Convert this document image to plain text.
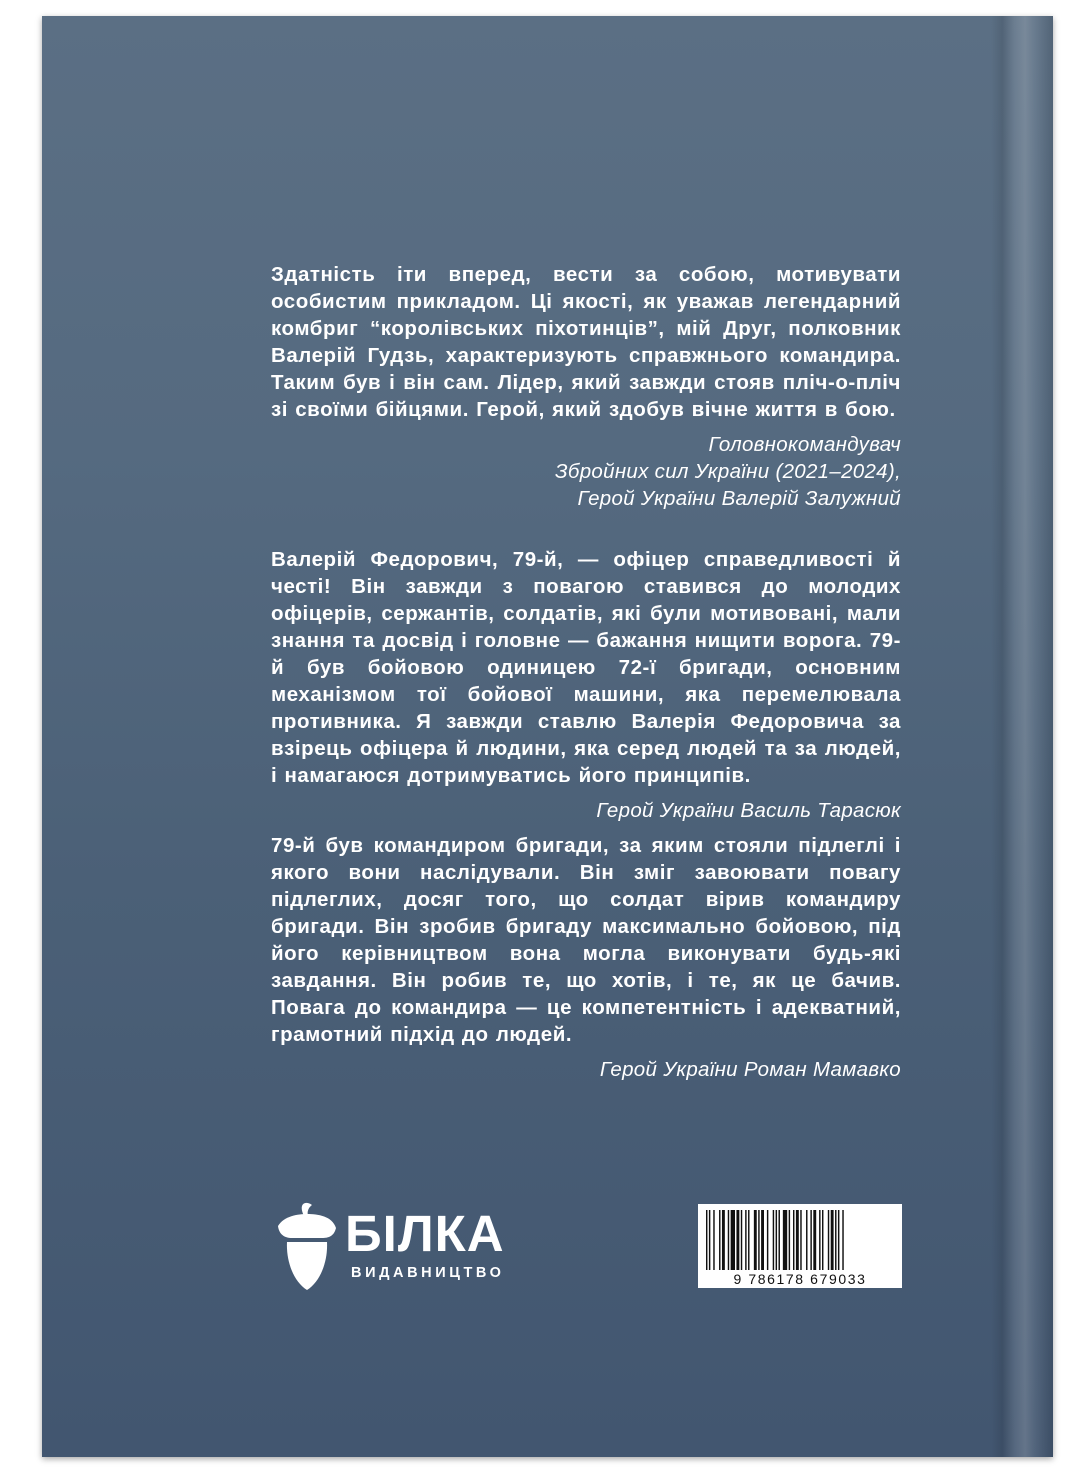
Здатність іти вперед, вести за собою, мотивувати особистим прикладом. Ці якості, як уважав легендарний комбриг “королівських піхотинців”, мій Друг, полковник Валерій Гудзь, характеризують справжнього командира. Таким був і він сам. Лідер, який завжди стояв пліч-о-пліч зі своїми бійцями. Герой, який здобув вічне життя в бою.

Головнокомандувач
Збройних сил України (2021–2024),
Герой України Валерій Залужний

Валерій Федорович, 79-й, — офіцер справедливості й честі! Він завжди з повагою ставився до молодих офіцерів, сержантів, солдатів, які були мотивовані, мали знання та досвід і головне — бажання нищити ворога. 79-й був бойовою одиницею 72-ї бригади, основним механізмом тої бойової машини, яка перемелювала противника. Я завжди ставлю Валерія Федоровича за взірець офіцера й людини, яка серед людей та за людей, і намагаюся дотримуватись його принципів.

Герой України Василь Тарасюк

79-й був командиром бригади, за яким стояли підлеглі і якого вони наслідували. Він зміг завоювати повагу підлеглих, досяг того, що солдат вірив командиру бригади. Він зробив бригаду максимально бойовою, під його керівництвом вона могла виконувати будь-які завдання. Він робив те, що хотів, і те, як це бачив. Повага до командира — це компетентність і адекватний, грамотний підхід до людей.

Герой України Роман Мамавко
БІЛКА
ВИДАВНИЦТВО	9 786178 679033
